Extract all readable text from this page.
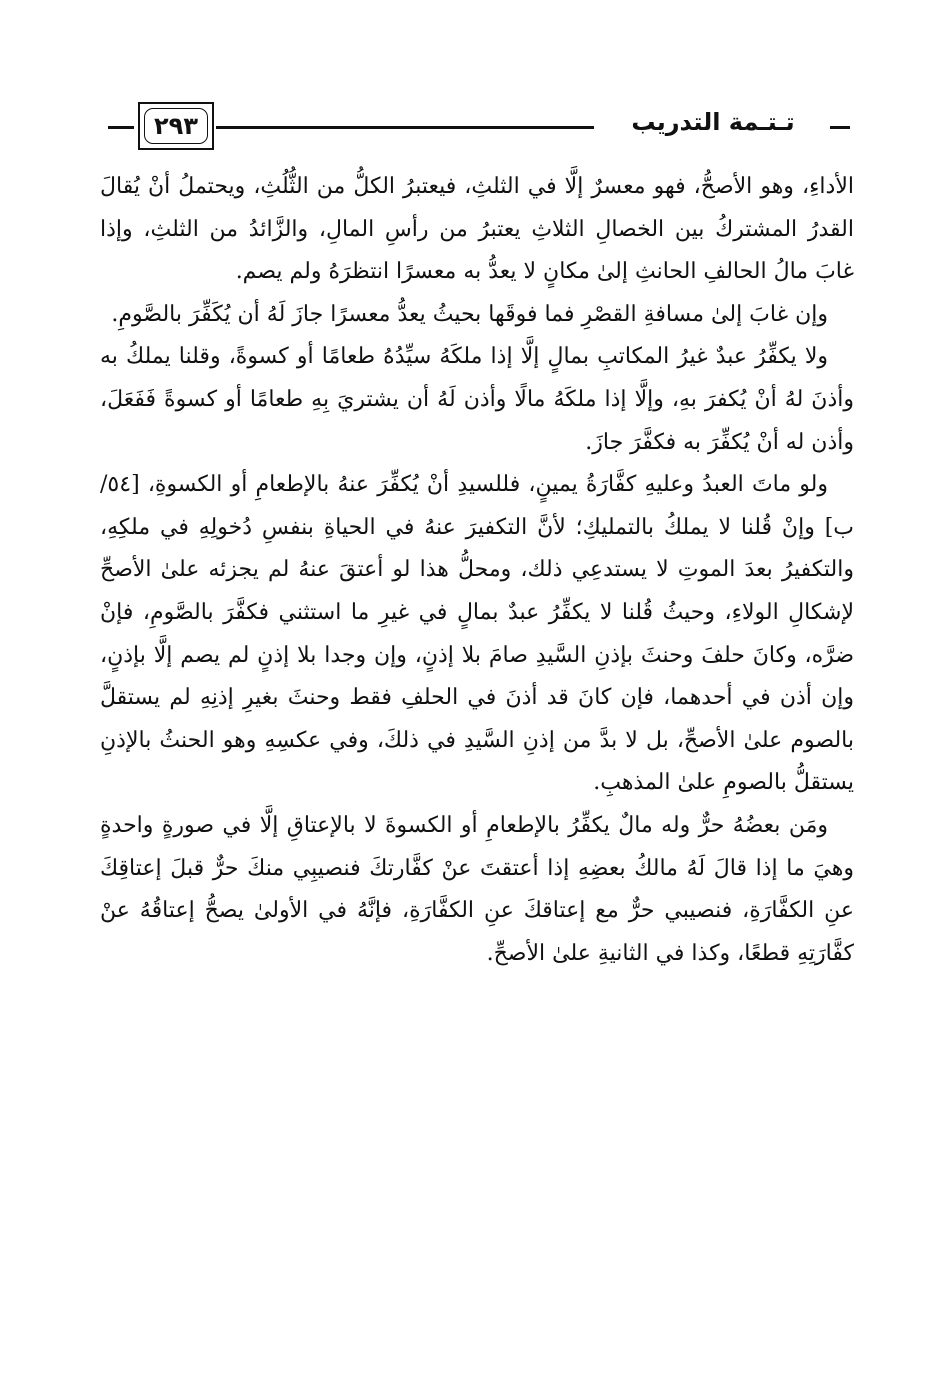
٢٩٣	تـتـمة التدريب

الأداءِ، وهو الأصحُّ، فهو معسرٌ إلَّا في الثلثِ، فيعتبرُ الكلُّ من الثُّلُثِ، ويحتملُ أنْ يُقالَ القدرُ المشتركُ بين الخصالِ الثلاثِ يعتبرُ من رأسِ المالِ، والزَّائدُ من الثلثِ، وإذا غابَ مالُ الحالفِ الحانثِ إلىٰ مكانٍ لا يعدُّ به معسرًا انتظرَهُ ولم يصم.

وإن غابَ إلىٰ مسافةِ القصْرِ فما فوقَها بحيثُ يعدُّ معسرًا جازَ لَهُ أن يُكَفِّرَ بالصَّومِ.

ولا يكفِّرُ عبدٌ غيرُ المكاتبِ بمالٍ إلَّا إذا ملكَهُ سيِّدُهُ طعامًا أو كسوةً، وقلنا يملكُ به وأذنَ لهُ أنْ يُكفرَ بهِ، وإلَّا إذا ملكَهُ مالًا وأذن لَهُ أن يشتريَ بِهِ طعامًا أو كسوةً فَفَعَلَ، وأذن له أنْ يُكفِّرَ به فكفَّرَ جازَ.

ولو ماتَ العبدُ وعليهِ كفَّارَةُ يمينٍ، فللسيدِ أنْ يُكفِّرَ عنهُ بالإطعامِ أو الكسوةِ، [٥٤/ب] وإنْ قُلنا لا يملكُ بالتمليكِ؛ لأنَّ التكفيرَ عنهُ في الحياةِ بنفسِ دُخولِهِ في ملكِهِ، والتكفيرُ بعدَ الموتِ لا يستدعِي ذلك، ومحلُّ هذا لو أعتقَ عنهُ لم يجزئه علىٰ الأصحِّ لإشكالِ الولاءِ، وحيثُ قُلنا لا يكفِّرُ عبدٌ بمالٍ في غيرِ ما استثني فكفَّرَ بالصَّومِ، فإنْ ضرَّه، وكانَ حلفَ وحنثَ بإذنِ السَّيدِ صامَ بلا إذنٍ، وإن وجدا بلا إذنٍ لم يصم إلَّا بإذنٍ، وإن أذن في أحدهما، فإن كانَ قد أذنَ في الحلفِ فقط وحنثَ بغيرِ إذنِهِ لم يستقلَّ بالصوم علىٰ الأصحِّ، بل لا بدَّ من إذنِ السَّيدِ في ذلكَ، وفي عكسِهِ وهو الحنثُ بالإذنِ يستقلُّ بالصومِ علىٰ المذهبِ.

ومَن بعضُهُ حرٌّ وله مالٌ يكفِّرُ بالإطعامِ أو الكسوةَ لا بالإعتاقِ إلَّا في صورةٍ واحدةٍ وهيَ ما إذا قالَ لَهُ مالكُ بعضِهِ إذا أعتقتَ عنْ كفَّارتكَ فنصيبِي منكَ حرٌّ قبلَ إعتاقِكَ عنِ الكفَّارَةِ، فنصيبي حرٌّ مع إعتاقكَ عنِ الكفَّارَةِ، فإنَّهُ في الأولىٰ يصحُّ إعتاقُهُ عنْ كفَّارَتِهِ قطعًا، وكذا في الثانيةِ علىٰ الأصحِّ.
